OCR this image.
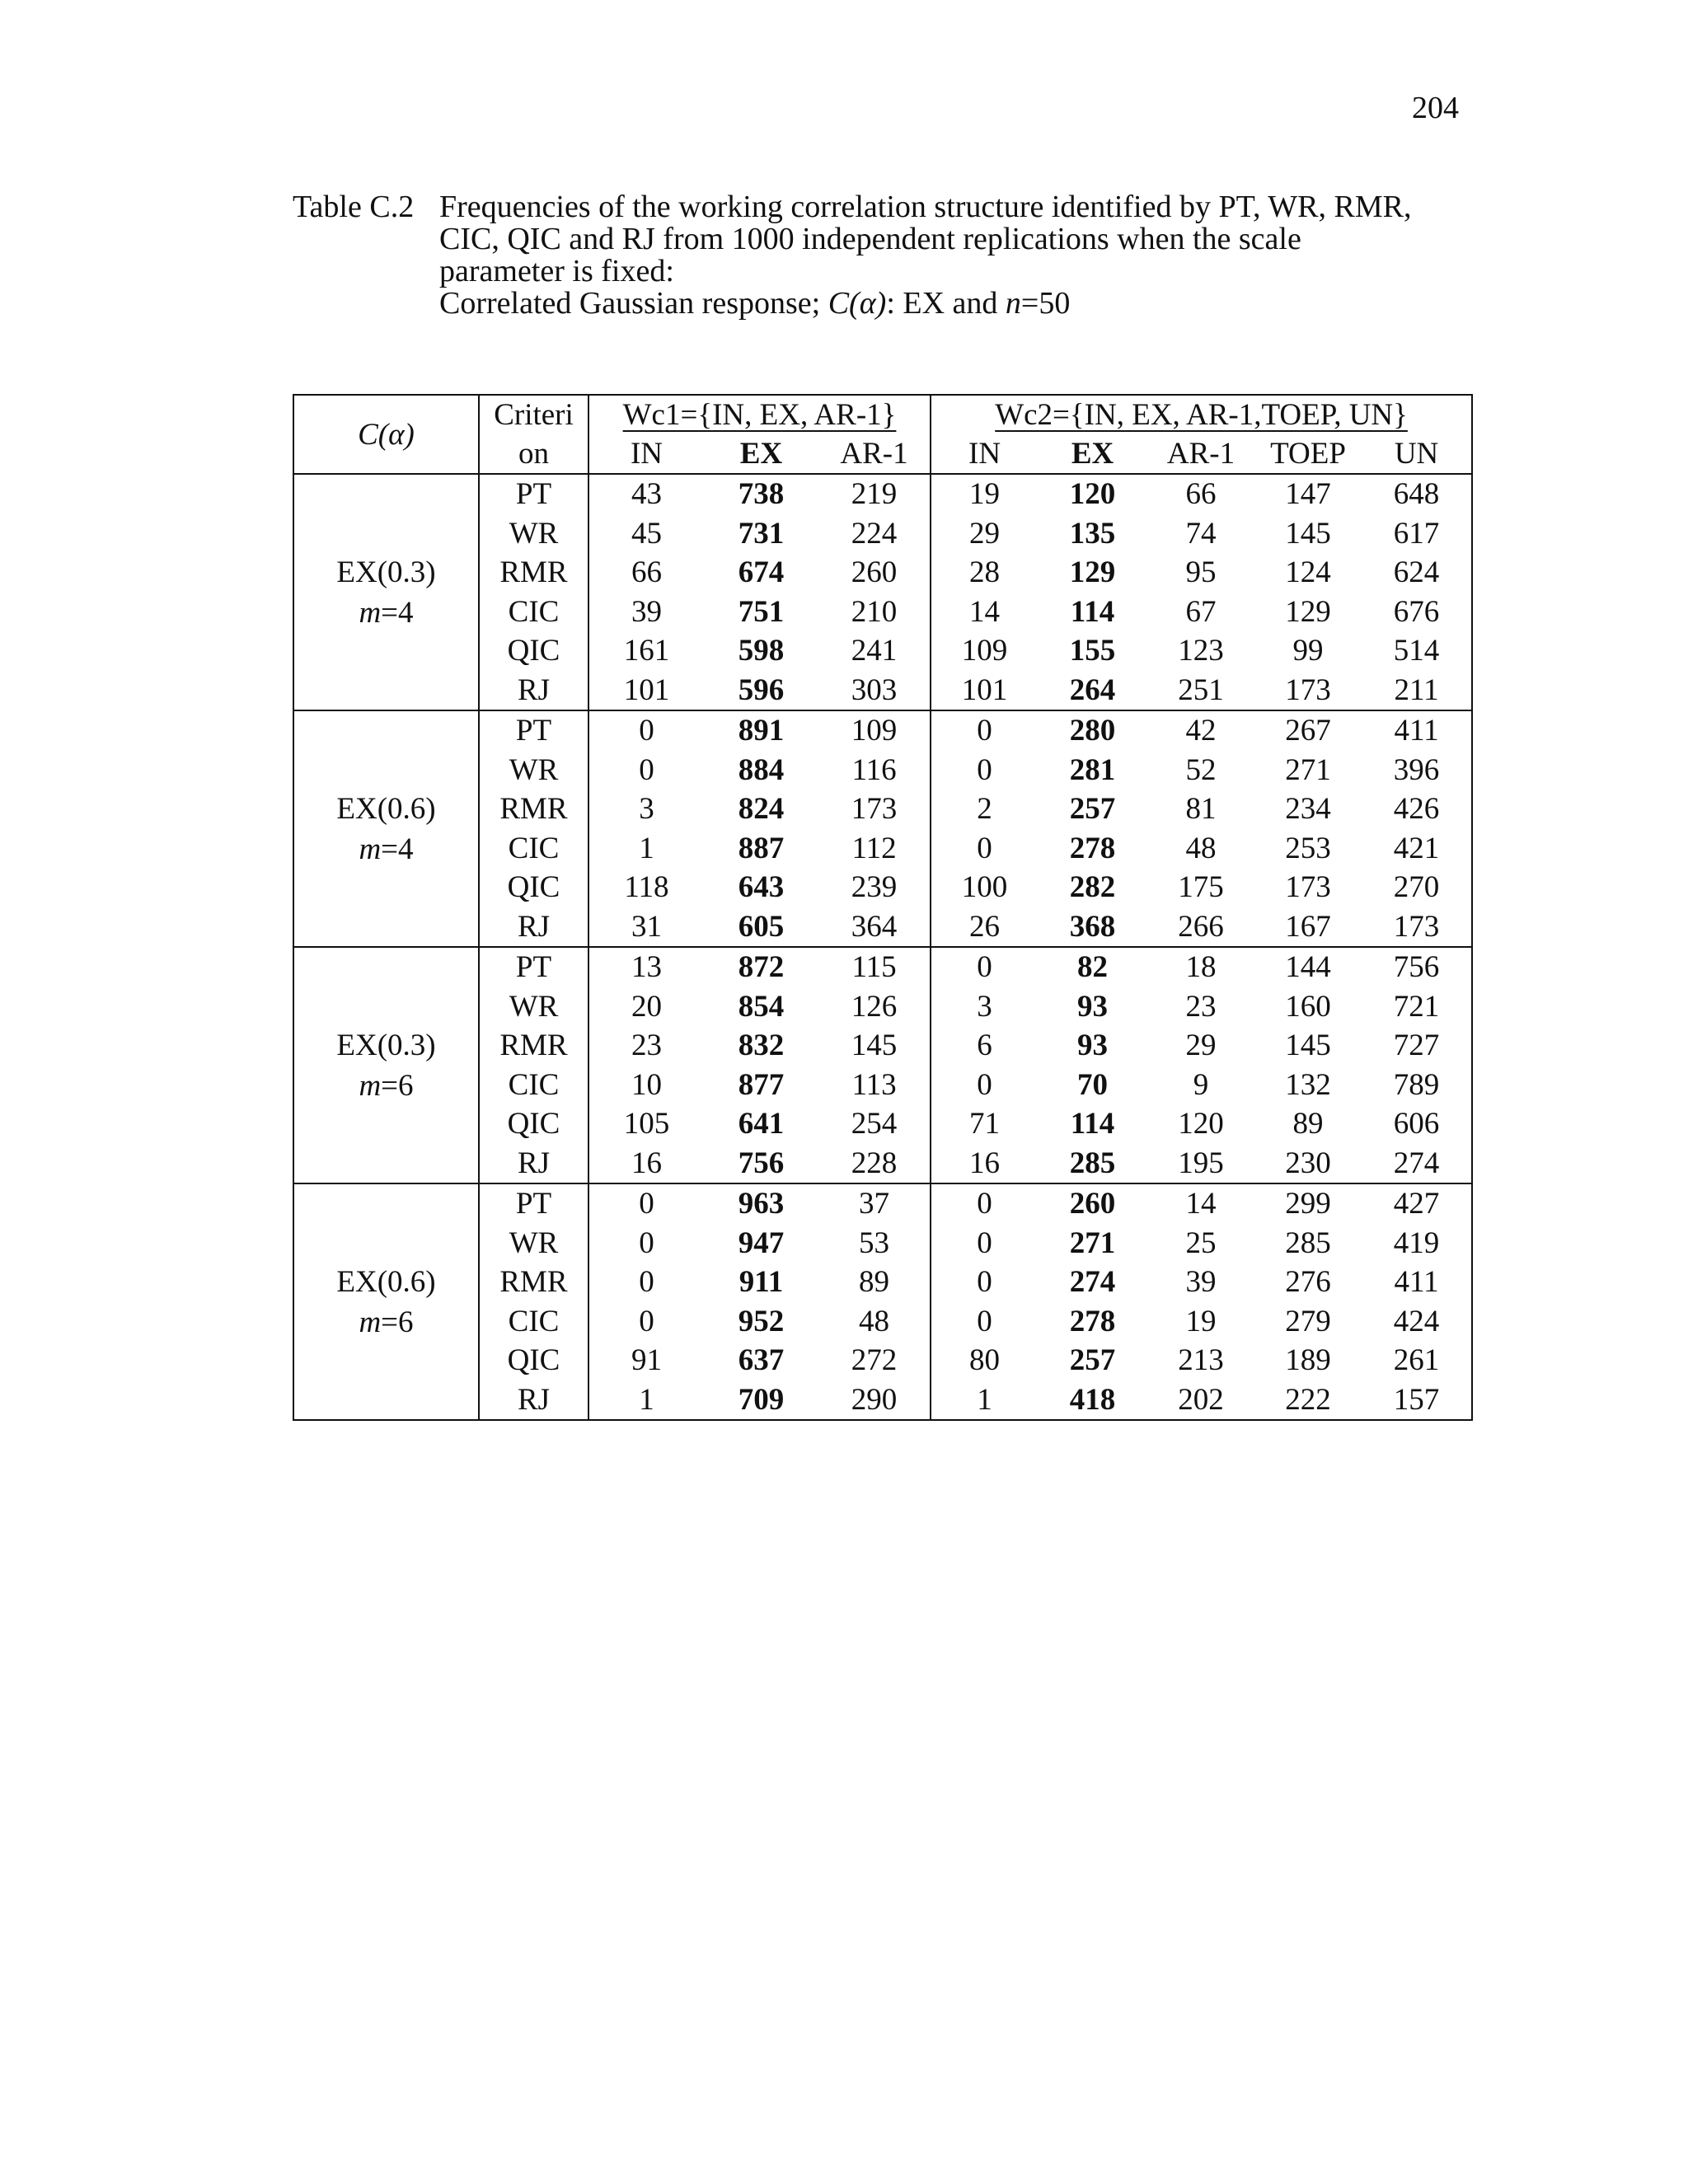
204
Table C.2 Frequencies of the working correlation structure identified by PT, WR, RMR,
CIC, QIC and RJ from 1000 independent replications when the scale
parameter is fixed:
Correlated Gaussian response; C(α): EX and n=50
C(α)	Criteri	Wc1={IN, EX, AR-1}			Wc2={IN, EX, AR-1,TOEP, UN}				
	on	IN	EX	AR-1	IN	EX	AR-1	TOEP	UN

EX(0.3)
m=4	PT	43	738	219	19	120	66	147	648
	WR	45	731	224	29	135	74	145	617
	RMR	66	674	260	28	129	95	124	624
	CIC	39	751	210	14	114	67	129	676
	QIC	161	598	241	109	155	123	99	514
	RJ	101	596	303	101	264	251	173	211

EX(0.6)
m=4	PT	0	891	109	0	280	42	267	411
	WR	0	884	116	0	281	52	271	396
	RMR	3	824	173	2	257	81	234	426
	CIC	1	887	112	0	278	48	253	421
	QIC	118	643	239	100	282	175	173	270
	RJ	31	605	364	26	368	266	167	173

EX(0.3)
m=6	PT	13	872	115	0	82	18	144	756
	WR	20	854	126	3	93	23	160	721
	RMR	23	832	145	6	93	29	145	727
	CIC	10	877	113	0	70	9	132	789
	QIC	105	641	254	71	114	120	89	606
	RJ	16	756	228	16	285	195	230	274

EX(0.6)
m=6	PT	0	963	37	0	260	14	299	427
	WR	0	947	53	0	271	25	285	419
	RMR	0	911	89	0	274	39	276	411
	CIC	0	952	48	0	278	19	279	424
	QIC	91	637	272	80	257	213	189	261
	RJ	1	709	290	1	418	202	222	157
